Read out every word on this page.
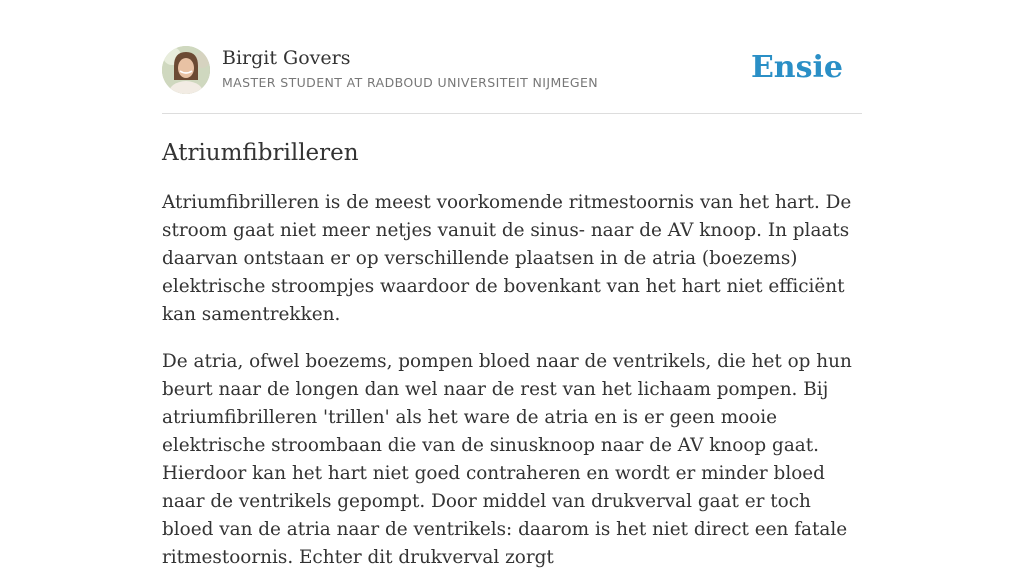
Birgit Govers
MASTER STUDENT AT RADBOUD UNIVERSITEIT NIJMEGEN	Ensie
Atriumfibrilleren

Atriumfibrilleren is de meest voorkomende ritmestoornis van het hart. De stroom gaat niet meer netjes vanuit de sinus- naar de AV knoop. In plaats daarvan ontstaan er op verschillende plaatsen in de atria (boezems) elektrische stroompjes waardoor de bovenkant van het hart niet efficiënt kan samentrekken.

De atria, ofwel boezems, pompen bloed naar de ventrikels, die het op hun beurt naar de longen dan wel naar de rest van het lichaam pompen. Bij atriumfibrilleren 'trillen' als het ware de atria en is er geen mooie elektrische stroombaan die van de sinusknoop naar de AV knoop gaat. Hierdoor kan het hart niet goed contraheren en wordt er minder bloed naar de ventrikels gepompt. Door middel van drukverval gaat er toch bloed van de atria naar de ventrikels: daarom is het niet direct een fatale ritmestoornis. Echter dit drukverval zorgt
